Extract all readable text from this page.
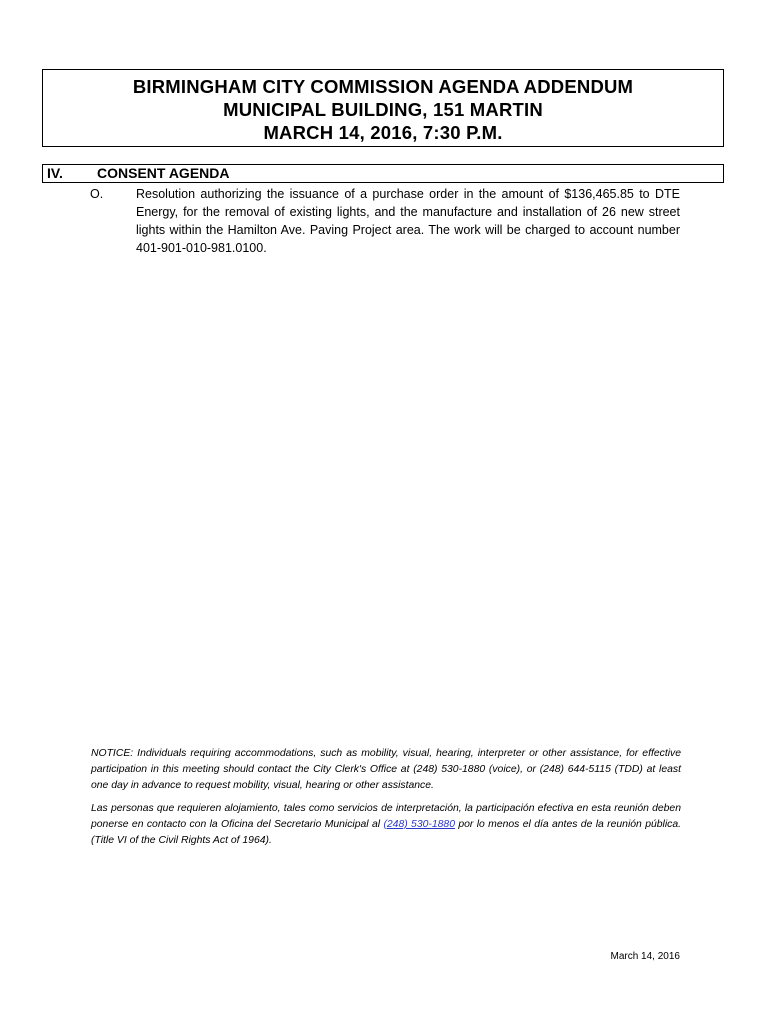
BIRMINGHAM CITY COMMISSION AGENDA ADDENDUM
MUNICIPAL BUILDING, 151 MARTIN
MARCH 14, 2016, 7:30 P.M.
IV. CONSENT AGENDA
O.	Resolution authorizing the issuance of a purchase order in the amount of $136,465.85 to DTE Energy, for the removal of existing lights, and the manufacture and installation of 26 new street lights within the Hamilton Ave. Paving Project area. The work will be charged to account number 401-901-010-981.0100.
NOTICE: Individuals requiring accommodations, such as mobility, visual, hearing, interpreter or other assistance, for effective participation in this meeting should contact the City Clerk's Office at (248) 530-1880 (voice), or (248) 644-5115 (TDD) at least one day in advance to request mobility, visual, hearing or other assistance.
Las personas que requieren alojamiento, tales como servicios de interpretación, la participación efectiva en esta reunión deben ponerse en contacto con la Oficina del Secretario Municipal al (248) 530-1880 por lo menos el día antes de la reunión pública. (Title VI of the Civil Rights Act of 1964).
March 14, 2016
